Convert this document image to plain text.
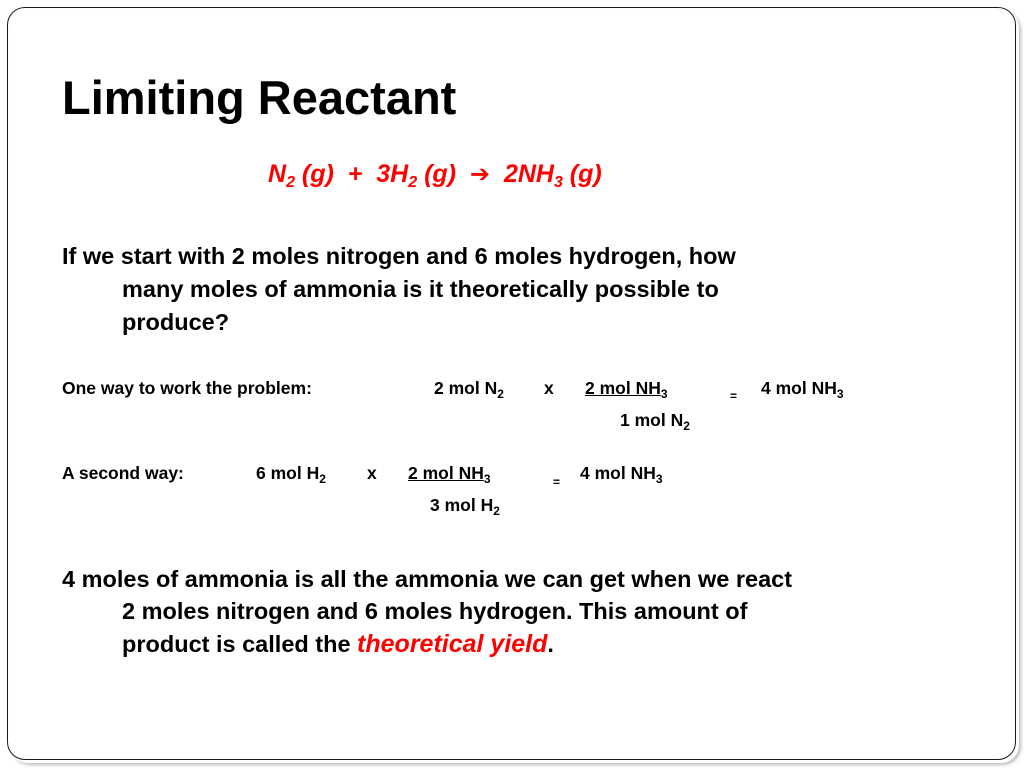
Limiting Reactant
$N_2$ $(g) + 3H_2$ (g) ➔ $2NH_3$ (g)
If we start with 2 moles nitrogen and 6 moles hydrogen, how
many moles of ammonia is it theoretically possible to
produce?
One way to work the problem:	2 mol $N_2$ x 2 mol $NH_3$	= 4 mol $NH_3$
1 mol $N_2$
A second way:	6 mol $H_2$ x 2 mol $NH_3$	= 4 mol $NH_3$
3 mol $H_2$
4 moles of ammonia is all the ammonia we can get when we react
2 moles nitrogen and 6 moles hydrogen. This amount of
product is called the theoretical yield.
